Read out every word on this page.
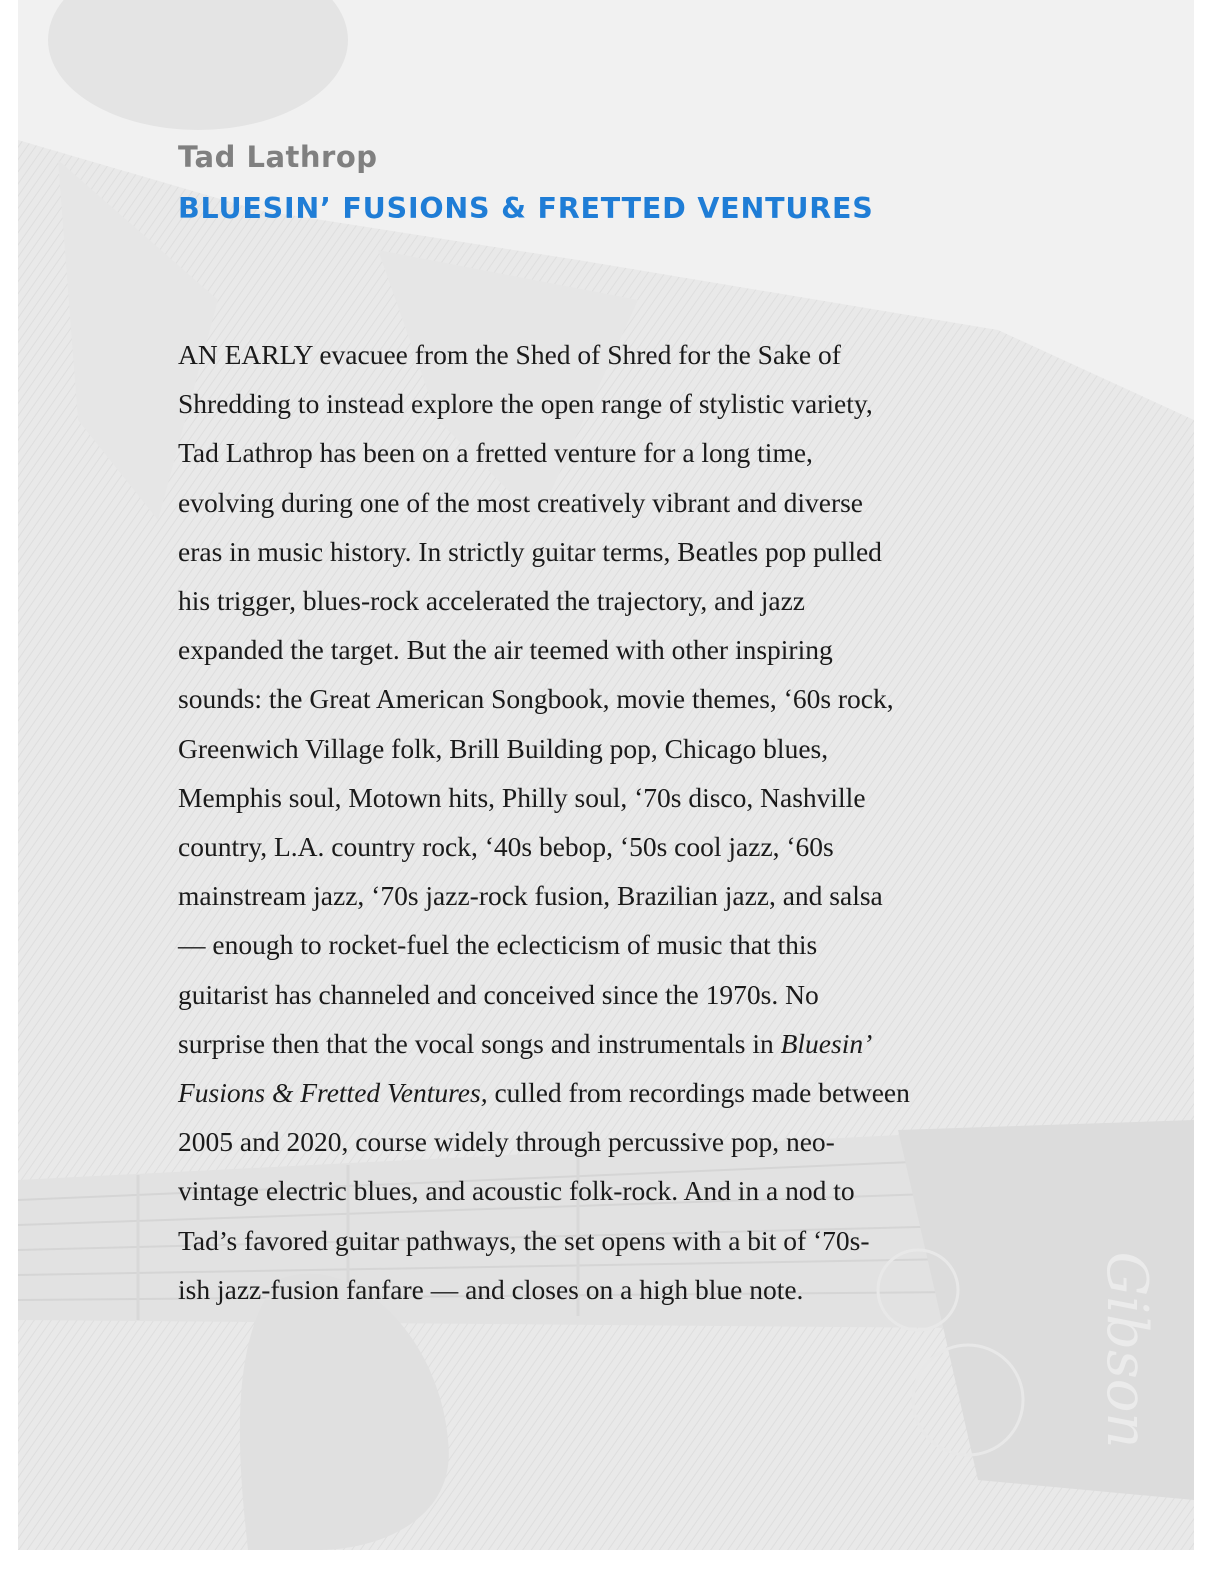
Gibson
Tad Lathrop
BLUESIN’ FUSIONS & FRETTED VENTURES
AN EARLY evacuee from the Shed of Shred for the Sake of
Shredding to instead explore the open range of stylistic variety,
Tad Lathrop has been on a fretted venture for a long time,
evolving during one of the most creatively vibrant and diverse
eras in music history. In strictly guitar terms, Beatles pop pulled
his trigger, blues-rock accelerated the trajectory, and jazz
expanded the target. But the air teemed with other inspiring
sounds: the Great American Songbook, movie themes, ‘60s rock,
Greenwich Village folk, Brill Building pop, Chicago blues,
Memphis soul, Motown hits, Philly soul, ‘70s disco, Nashville
country, L.A. country rock, ‘40s bebop, ‘50s cool jazz, ‘60s
mainstream jazz, ‘70s jazz-rock fusion, Brazilian jazz, and salsa
— enough to rocket-fuel the eclecticism of music that this
guitarist has channeled and conceived since the 1970s. No
surprise then that the vocal songs and instrumentals in Bluesin’
Fusions & Fretted Ventures, culled from recordings made between
2005 and 2020, course widely through percussive pop, neo-
vintage electric blues, and acoustic folk-rock. And in a nod to
Tad’s favored guitar pathways, the set opens with a bit of ‘70s-
ish jazz-fusion fanfare — and closes on a high blue note.
